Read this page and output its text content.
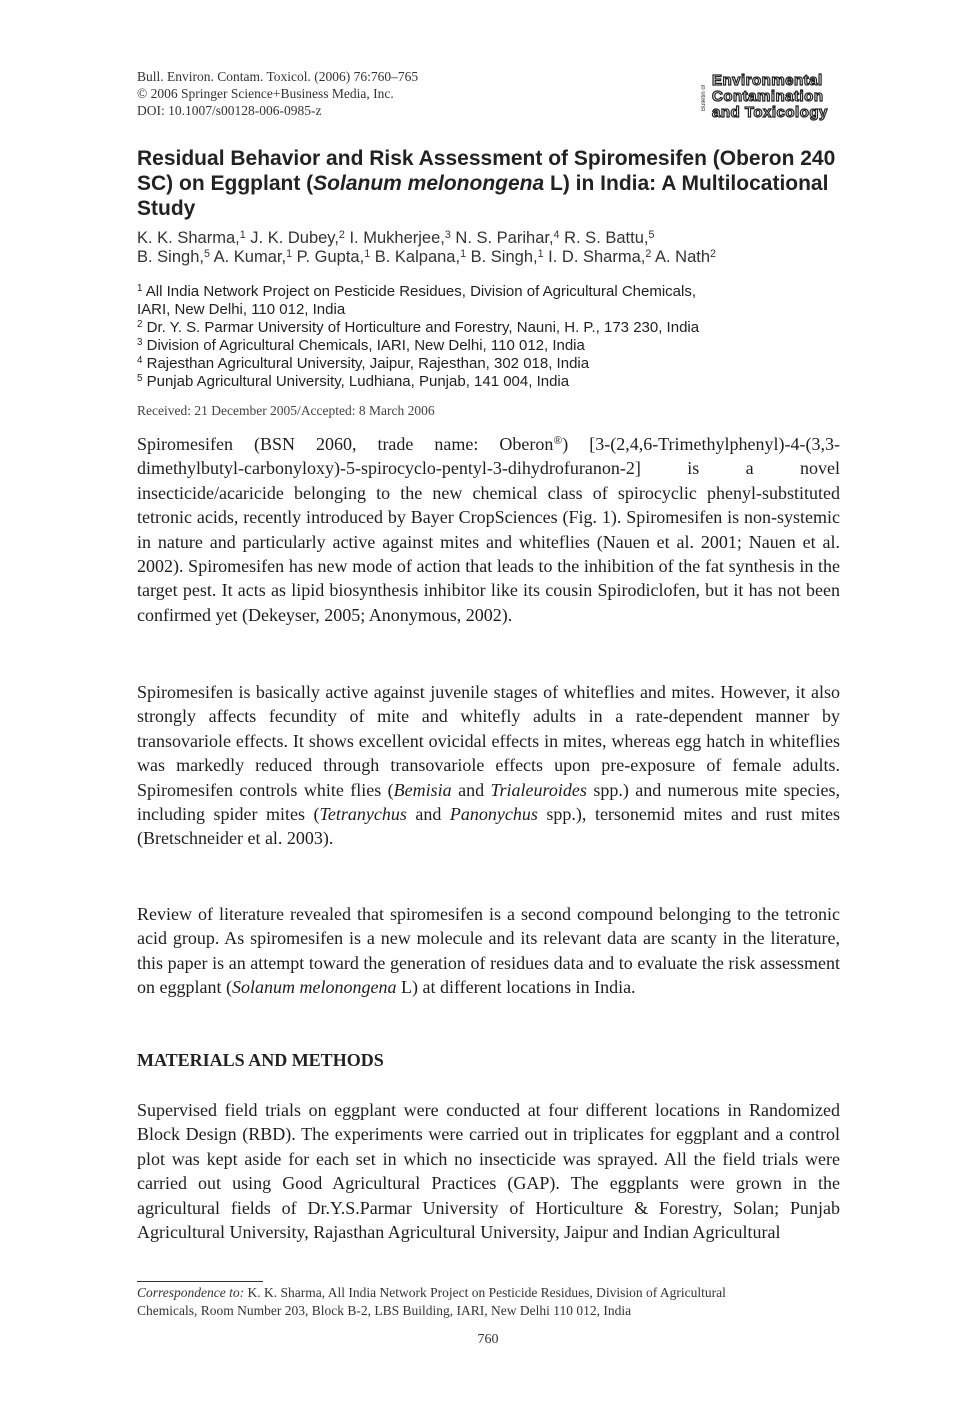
Bull. Environ. Contam. Toxicol. (2006) 76:760–765
© 2006 Springer Science+Business Media, Inc.
DOI: 10.1007/s00128-006-0985-z	Bulletin of
Environmental
Contamination
and Toxicology
Residual Behavior and Risk Assessment of Spiromesifen (Oberon 240 SC) on Eggplant (Solanum melonongena L) in India: A Multilocational Study
K. K. Sharma,$^1$ J. K. Dubey,$^2$ I. Mukherjee,$^3$ N. S. Parihar,$^4$ R. S. Battu,$^5$
B. Singh,$^5$ A. Kumar,$^1$ P. Gupta,$^1$ B. Kalpana,$^1$ B. Singh,$^1$ I. D. Sharma,$^2$ A. Nath$^2$
$^1$ All India Network Project on Pesticide Residues, Division of Agricultural Chemicals,
IARI, New Delhi, 110 012, India
$^2$ Dr. Y. S. Parmar University of Horticulture and Forestry, Nauni, H. P., 173 230, India
$^3$ Division of Agricultural Chemicals, IARI, New Delhi, 110 012, India
$^4$ Rajesthan Agricultural University, Jaipur, Rajesthan, 302 018, India
$^5$ Punjab Agricultural University, Ludhiana, Punjab, 141 004, India
Received: 21 December 2005/Accepted: 8 March 2006
Spiromesifen (BSN 2060, trade name: Oberon®) [3-(2,4,6-Trimethylphenyl)-4-(3,3-dimethylbutyl-carbonyloxy)-5-spirocyclo-pentyl-3-dihydrofuranon-2] is a novel insecticide/acaricide belonging to the new chemical class of spirocyclic phenyl-substituted tetronic acids, recently introduced by Bayer CropSciences (Fig. 1). Spiromesifen is non-systemic in nature and particularly active against mites and whiteflies (Nauen et al. 2001; Nauen et al. 2002). Spiromesifen has new mode of action that leads to the inhibition of the fat synthesis in the target pest. It acts as lipid biosynthesis inhibitor like its cousin Spirodiclofen, but it has not been confirmed yet (Dekeyser, 2005; Anonymous, 2002).
Spiromesifen is basically active against juvenile stages of whiteflies and mites. However, it also strongly affects fecundity of mite and whitefly adults in a rate-dependent manner by transovariole effects. It shows excellent ovicidal effects in mites, whereas egg hatch in whiteflies was markedly reduced through transovariole effects upon pre-exposure of female adults. Spiromesifen controls white flies (Bemisia and Trialeuroides spp.) and numerous mite species, including spider mites (Tetranychus and Panonychus spp.), tersonemid mites and rust mites (Bretschneider et al. 2003).
Review of literature revealed that spiromesifen is a second compound belonging to the tetronic acid group. As spiromesifen is a new molecule and its relevant data are scanty in the literature, this paper is an attempt toward the generation of residues data and to evaluate the risk assessment on eggplant (Solanum melonongena L) at different locations in India.
MATERIALS AND METHODS
Supervised field trials on eggplant were conducted at four different locations in Randomized Block Design (RBD). The experiments were carried out in triplicates for eggplant and a control plot was kept aside for each set in which no insecticide was sprayed. All the field trials were carried out using Good Agricultural Practices (GAP). The eggplants were grown in the agricultural fields of Dr.Y.S.Parmar University of Horticulture & Forestry, Solan; Punjab Agricultural University, Rajasthan Agricultural University, Jaipur and Indian Agricultural
Correspondence to: K. K. Sharma, All India Network Project on Pesticide Residues, Division of Agricultural
Chemicals, Room Number 203, Block B-2, LBS Building, IARI, New Delhi 110 012, India
760
